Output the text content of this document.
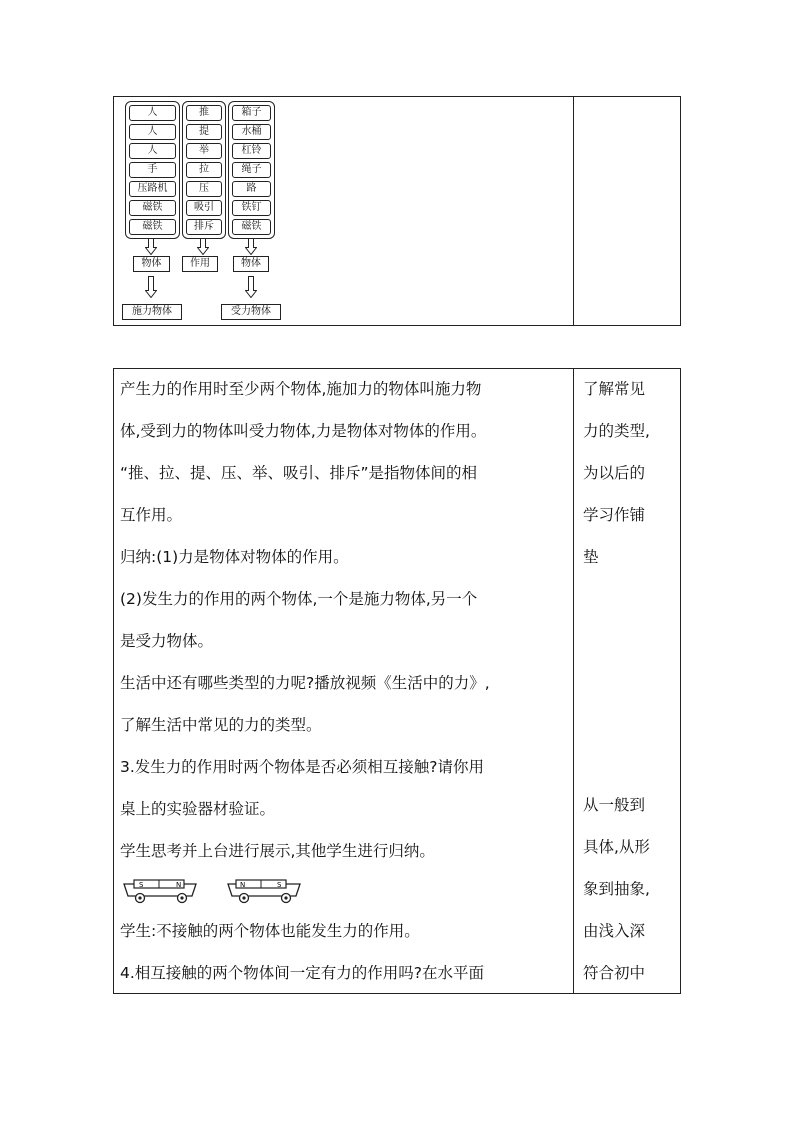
人
人
人
手
压路机
磁铁
磁铁
推
提
举
拉
压
吸引
排斥
箱子
水桶
杠铃
绳子
路
铁钉
磁铁
物体	作用	物体
施力物体	受力物体
产生力的作用时至少两个物体,施加力的物体叫施力物
体,受到力的物体叫受力物体,力是物体对物体的作用。
“推、拉、提、压、举、吸引、排斥”是指物体间的相
互作用。
归纳:(1)力是物体对物体的作用。
(2)发生力的作用的两个物体,一个是施力物体,另一个
是受力物体。
生活中还有哪些类型的力呢?播放视频《生活中的力》,
了解生活中常见的力的类型。
3.发生力的作用时两个物体是否必须相互接触?请你用
桌上的实验器材验证。
学生思考并上台进行展示,其他学生进行归纳。
S	N	N	S
学生:不接触的两个物体也能发生力的作用。
4.相互接触的两个物体间一定有力的作用吗?在水平面
了解常见
力的类型,
为以后的
学习作铺
垫
从一般到
具体,从形
象到抽象,
由浅入深
符合初中
